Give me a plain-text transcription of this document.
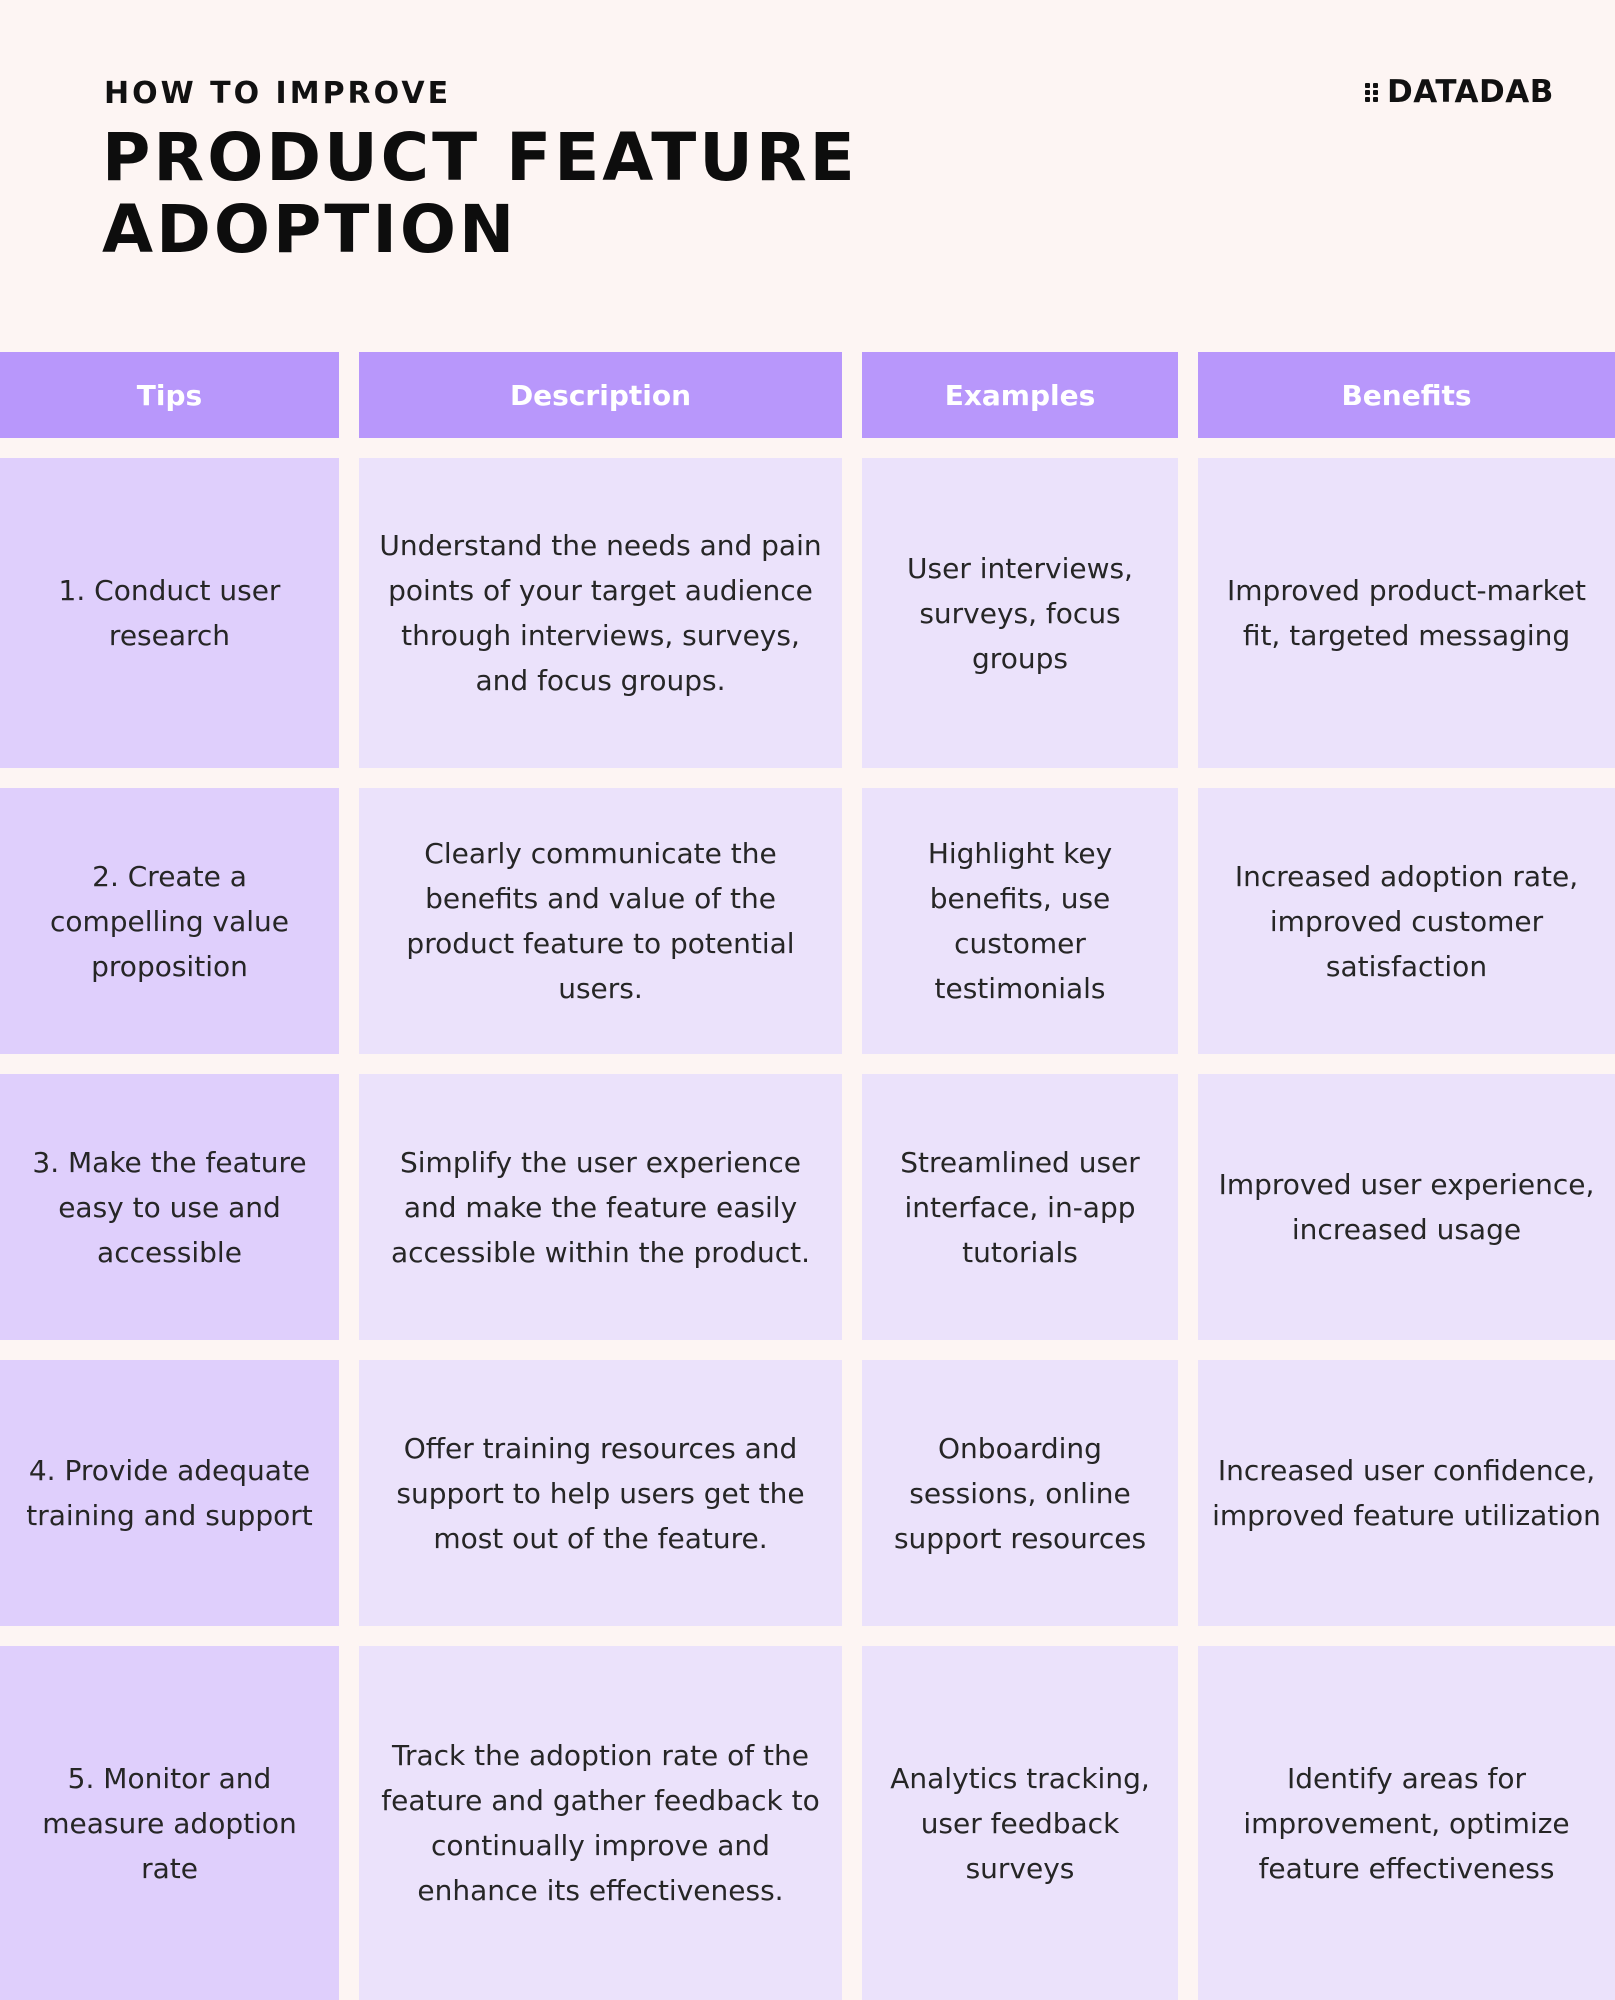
HOW TO IMPROVE
PRODUCT FEATURE
ADOPTION
DATADAB
Tips	Description	Examples	Benefits
1. Conduct user research
Understand the needs and pain points of your target audience through interviews, surveys, and focus groups.
User interviews, surveys, focus groups
Improved product-market fit, targeted messaging
2. Create a compelling value proposition
Clearly communicate the benefits and value of the product feature to potential users.
Highlight key benefits, use customer testimonials
Increased adoption rate, improved customer satisfaction
3. Make the feature easy to use and accessible
Simplify the user experience and make the feature easily accessible within the product.
Streamlined user interface, in-app tutorials
Improved user experience, increased usage
4. Provide adequate training and support
Offer training resources and support to help users get the most out of the feature.
Onboarding sessions, online support resources
Increased user confidence, improved feature utilization
5. Monitor and measure adoption rate
Track the adoption rate of the feature and gather feedback to continually improve and enhance its effectiveness.
Analytics tracking, user feedback surveys
Identify areas for improvement, optimize feature effectiveness
